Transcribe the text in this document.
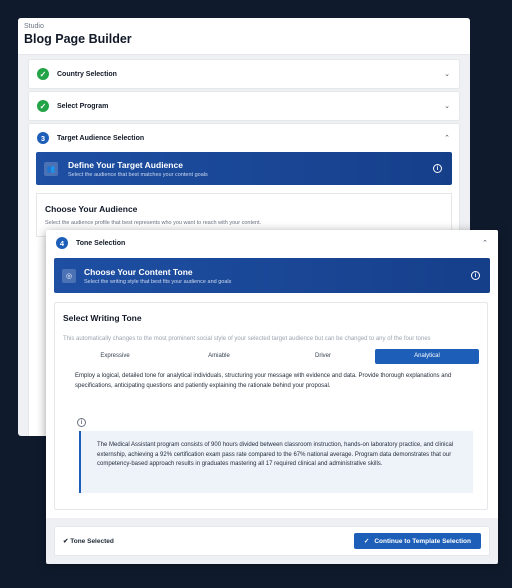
Studio
Blog Page Builder
✓	Country Selection	⌄
✓	Select Program	⌄
3	Target Audience Selection	⌃
👥	Define Your Target Audience
Select the audience that best matches your content goals
i
Choose Your Audience
Select the audience profile that best represents who you want to reach with your content.
4	Tone Selection	⌃
◎	Choose Your Content Tone
Select the writing style that best fits your audience and goals
i
Select Writing Tone
This automatically changes to the most prominent social style of your selected target audience but can be changed to any of the four tones
Expressive	Amiable	Driver	Analytical
Employ a logical, detailed tone for analytical individuals, structuring your message with evidence and data. Provide thorough explanations and specifications, anticipating questions and patiently explaining the rationale behind your proposal.
i
The Medical Assistant program consists of 900 hours divided between classroom instruction, hands-on laboratory practice, and clinical externship, achieving a 92% certification exam pass rate compared to the 67% national average. Program data demonstrates that our competency-based approach results in graduates mastering all 17 required clinical and administrative skills.
✔ Tone Selected	✓ Continue to Template Selection
